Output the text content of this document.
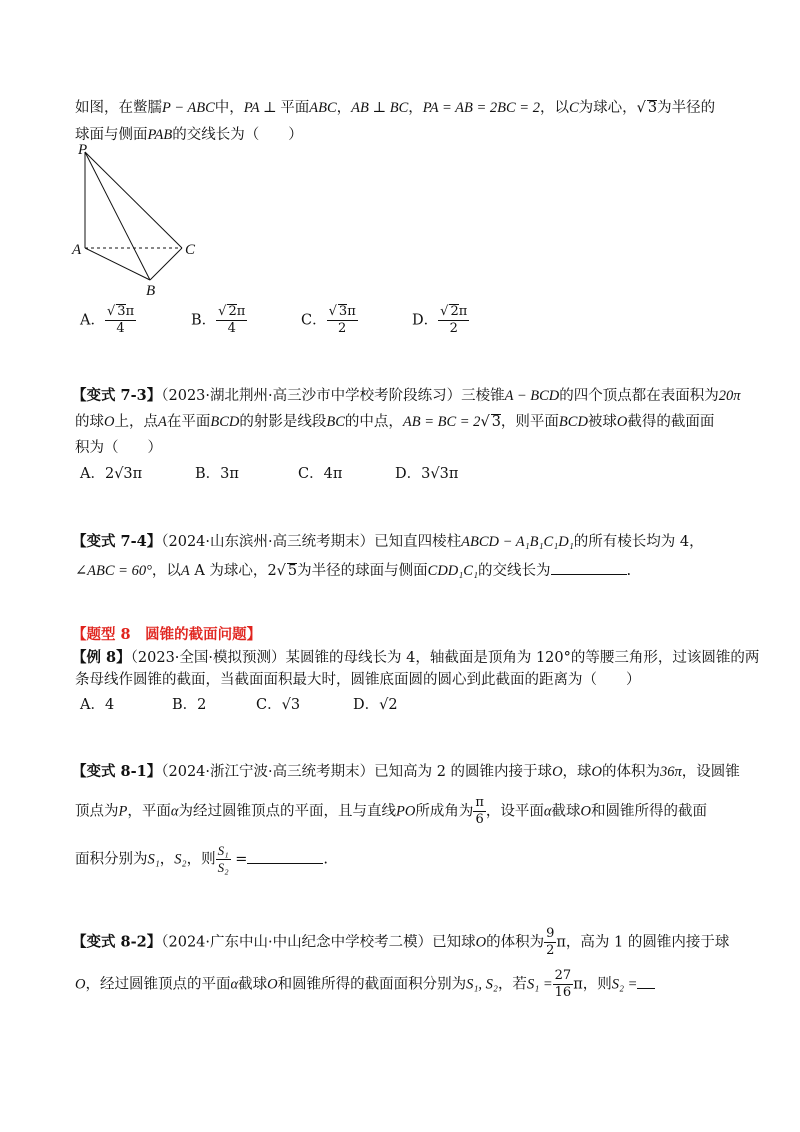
如图，在鳖臑P − ABC中，PA ⊥ 平面ABC，AB ⊥ BC，PA = AB = 2BC = 2，以C为球心，√ 3为半径的
球面与侧面PAB的交线长为（　　）
P
A
B
C
A． $\frac{√ 3\pi}{4}$	B． $\frac{√ 2\pi}{4}$	C． $\frac{√ 3\pi}{2}$	D． $\frac{√ 2\pi}{2}$
【变式 7-3】（2023·湖北荆州·高三沙市中学校考阶段练习）三棱锥A − BCD的四个顶点都在表面积为20π
的球O上，点A在平面BCD的射影是线段BC的中点，AB = BC = 2√ 3，则平面BCD被球O截得的截面面
积为（　　）
A．2√3π	B．3π	C．4π	D．3√3π
【变式 7-4】（2024·山东滨州·高三统考期末）已知直四棱柱ABCD − A₁B₁C₁D₁的所有棱长均为 4，
∠ABC = 60°，以A A 为球心，2√ 5为半径的球面与侧面CDD₁C₁的交线长为	.
【题型 8　圆锥的截面问题】
【例 8】（2023·全国·模拟预测）某圆锥的母线长为 4，轴截面是顶角为 120°的等腰三角形，过该圆锥的两
条母线作圆锥的截面，当截面面积最大时，圆锥底面圆的圆心到此截面的距离为（　　）
A．4	B．2	C．√3	D．√2
【变式 8-1】（2024·浙江宁波·高三统考期末）已知高为 2 的圆锥内接于球O，球O的体积为36π，设圆锥
顶点为P，平面α为经过圆锥顶点的平面，且与直线PO所成角为 $\frac{\pi}{6}$ ，设平面α截球O和圆锥所得的截面
面积分别为S₁，S₂，则 $\frac{\text{S₁}}{\text{S₂}}$ =	.
【变式 8-2】（2024·广东中山·中山纪念中学校考二模）已知球O的体积为 $\frac{9}{2}$ π，高为 1 的圆锥内接于球
O，经过圆锥顶点的平面α截球O和圆锥所得的截面面积分别为S₁, S₂，若$S_1 = \frac{27}{16}$ π，则S₂ =
